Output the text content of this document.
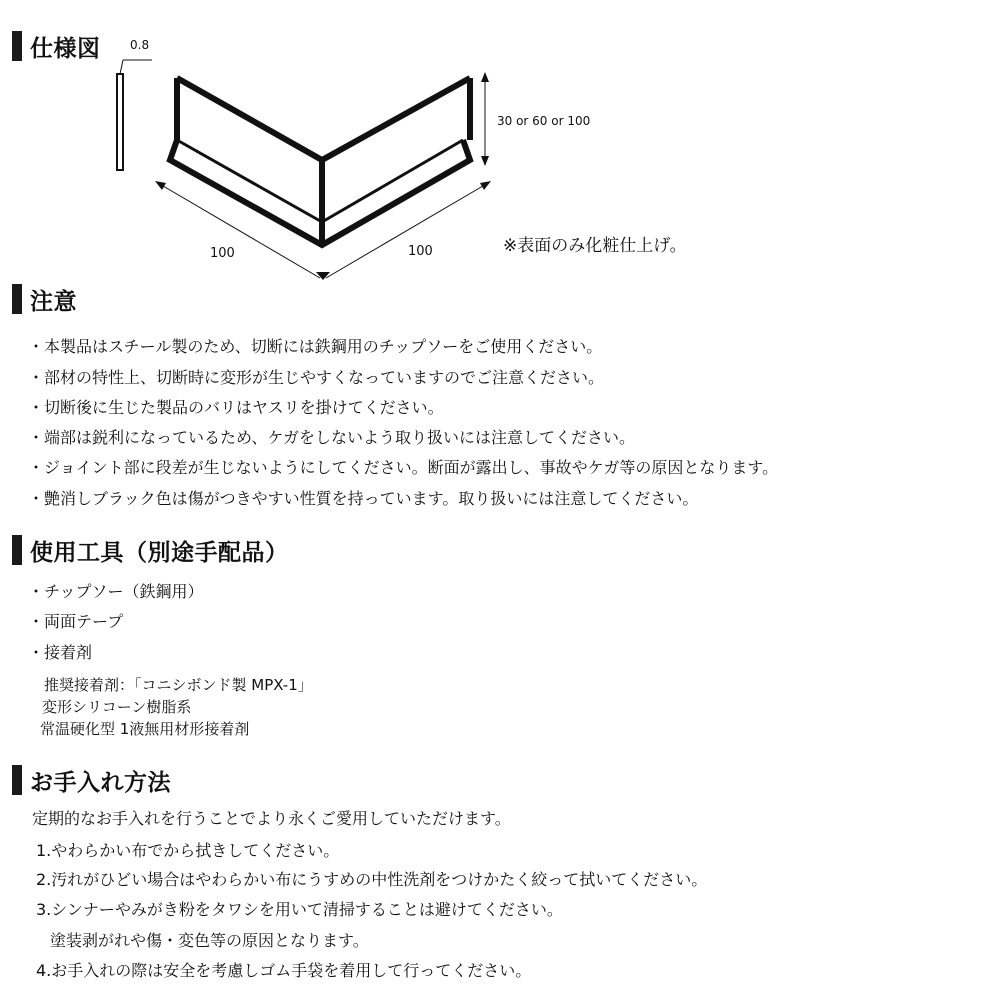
仕様図 0.8
30 or 60 or 100
100	100	※表面のみ化粧仕上げ。
注意
・本製品はスチール製のため、切断には鉄鋼用のチップソーをご使用ください。
・部材の特性上、切断時に変形が生じやすくなっていますのでご注意ください。
・切断後に生じた製品のバリはヤスリを掛けてください。
・端部は鋭利になっているため、ケガをしないよう取り扱いには注意してください。
・ジョイント部に段差が生じないようにしてください。断面が露出し、事故やケガ等の原因となります。
・艶消しブラック色は傷がつきやすい性質を持っています。取り扱いには注意してください。
使用工具（別途手配品）
・チップソー（鉄鋼用）
・両面テープ
・接着剤
推奨接着剤：「コニシボンド製 MPX-1」
変形シリコーン樹脂系
常温硬化型 1液無用材形接着剤
お手入れ方法
定期的なお手入れを行うことでより永くご愛用していただけます。
1.やわらかい布でから拭きしてください。
2.汚れがひどい場合はやわらかい布にうすめの中性洗剤をつけかたく絞って拭いてください。
3.シンナーやみがき粉をタワシを用いて清掃することは避けてください。
塗装剥がれや傷・変色等の原因となります。
4.お手入れの際は安全を考慮しゴム手袋を着用して行ってください。
